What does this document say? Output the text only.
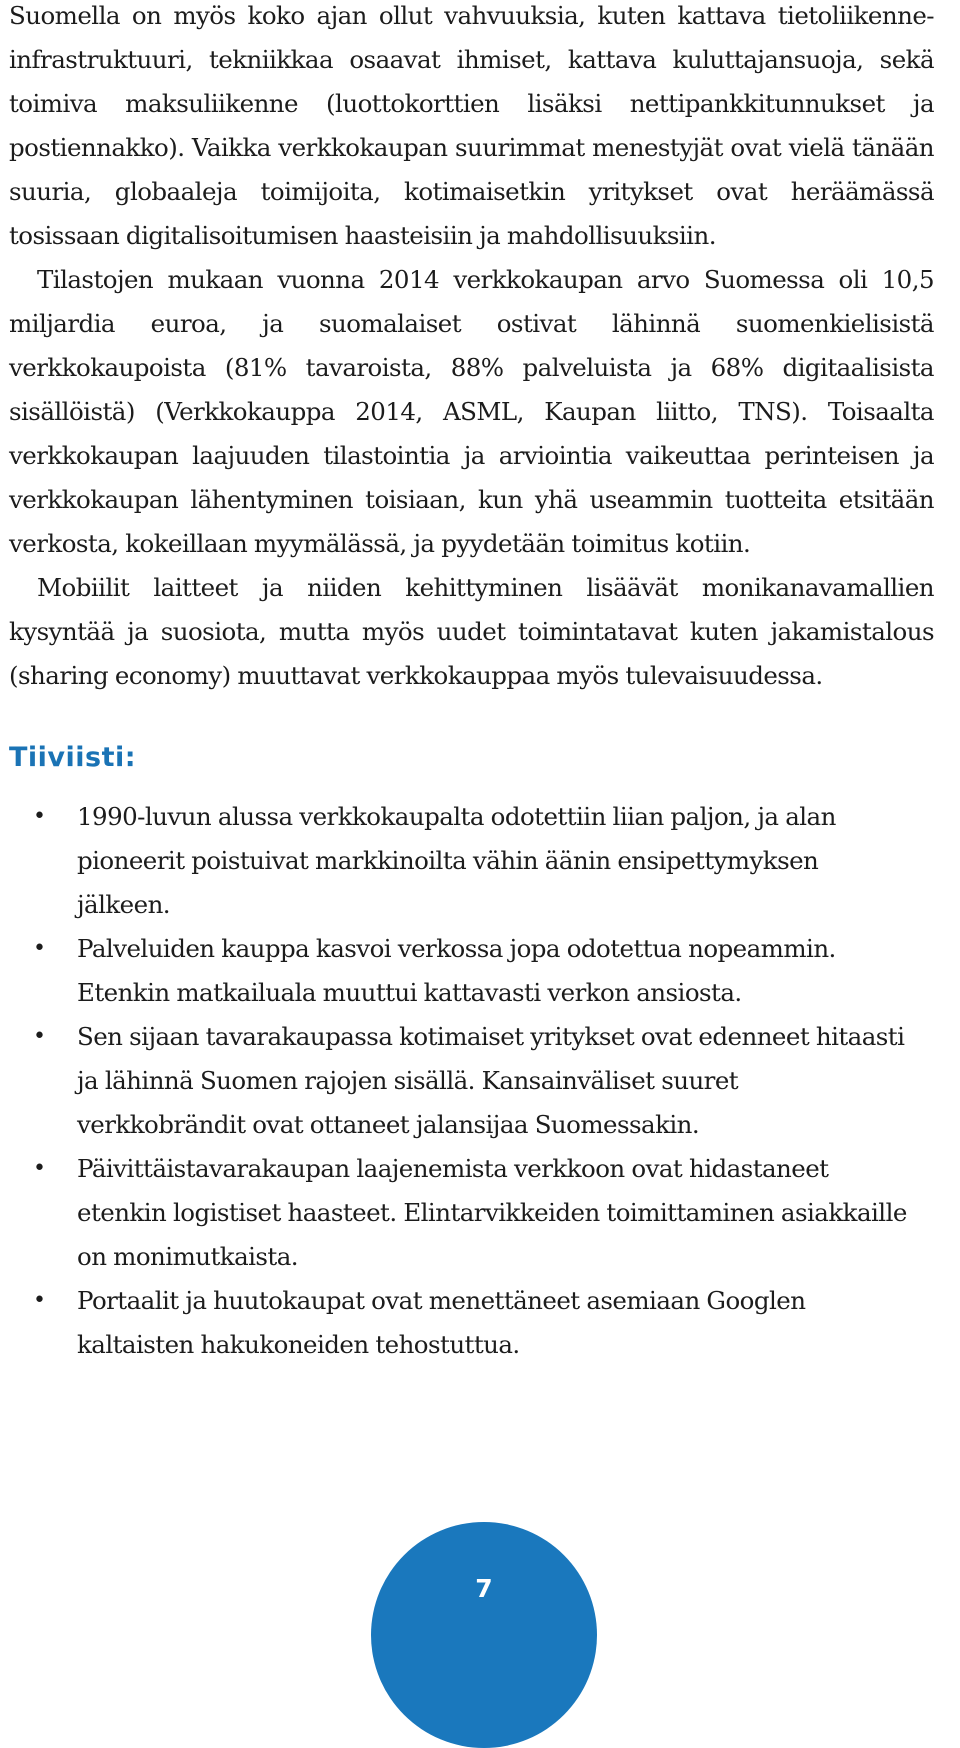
Suomella on myös koko ajan ollut vahvuuksia, kuten kattava tietoliikenne-infrastruktuuri, tekniikkaa osaavat ihmiset, kattava kuluttajansuoja, sekä toimiva maksuliikenne (luottokorttien lisäksi nettipankkitunnukset ja postiennakko). Vaikka verkkokaupan suurimmat menestyjät ovat vielä tänään suuria, globaaleja toimijoita, kotimaisetkin yritykset ovat heräämässä tosissaan digitalisoitumisen haasteisiin ja mahdollisuuksiin.

Tilastojen mukaan vuonna 2014 verkkokaupan arvo Suomessa oli 10,5 miljardia euroa, ja suomalaiset ostivat lähinnä suomenkielisistä verkkokaupoista (81% tavaroista, 88% palveluista ja 68% digitaalisista sisällöistä) (Verkkokauppa 2014, ASML, Kaupan liitto, TNS). Toisaalta verkkokaupan laajuuden tilastointia ja arviointia vaikeuttaa perinteisen ja verkkokaupan lähentyminen toisiaan, kun yhä useammin tuotteita etsitään verkosta, kokeillaan myymälässä, ja pyydetään toimitus kotiin.

Mobiilit laitteet ja niiden kehittyminen lisäävät monikanavamallien kysyntää ja suosiota, mutta myös uudet toimintatavat kuten jakamistalous (sharing economy) muuttavat verkkokauppaa myös tulevaisuudessa.

Tiiviisti:
• 1990-luvun alussa verkkokaupalta odotettiin liian paljon, ja alan pioneerit poistuivat markkinoilta vähin äänin ensipettymyksen jälkeen.
• Palveluiden kauppa kasvoi verkossa jopa odotettua nopeammin. Etenkin matkailuala muuttui kattavasti verkon ansiosta.
• Sen sijaan tavarakaupassa kotimaiset yritykset ovat edenneet hitaasti ja lähinnä Suomen rajojen sisällä. Kansainväliset suuret verkkobrändit ovat ottaneet jalansijaa Suomessakin.
• Päivittäistavarakaupan laajenemista verkkoon ovat hidastaneet etenkin logistiset haasteet. Elintarvikkeiden toimittaminen asiakkaille on monimutkaista.
• Portaalit ja huutokaupat ovat menettäneet asemiaan Googlen kaltaisten hakukoneiden tehostuttua.
7
